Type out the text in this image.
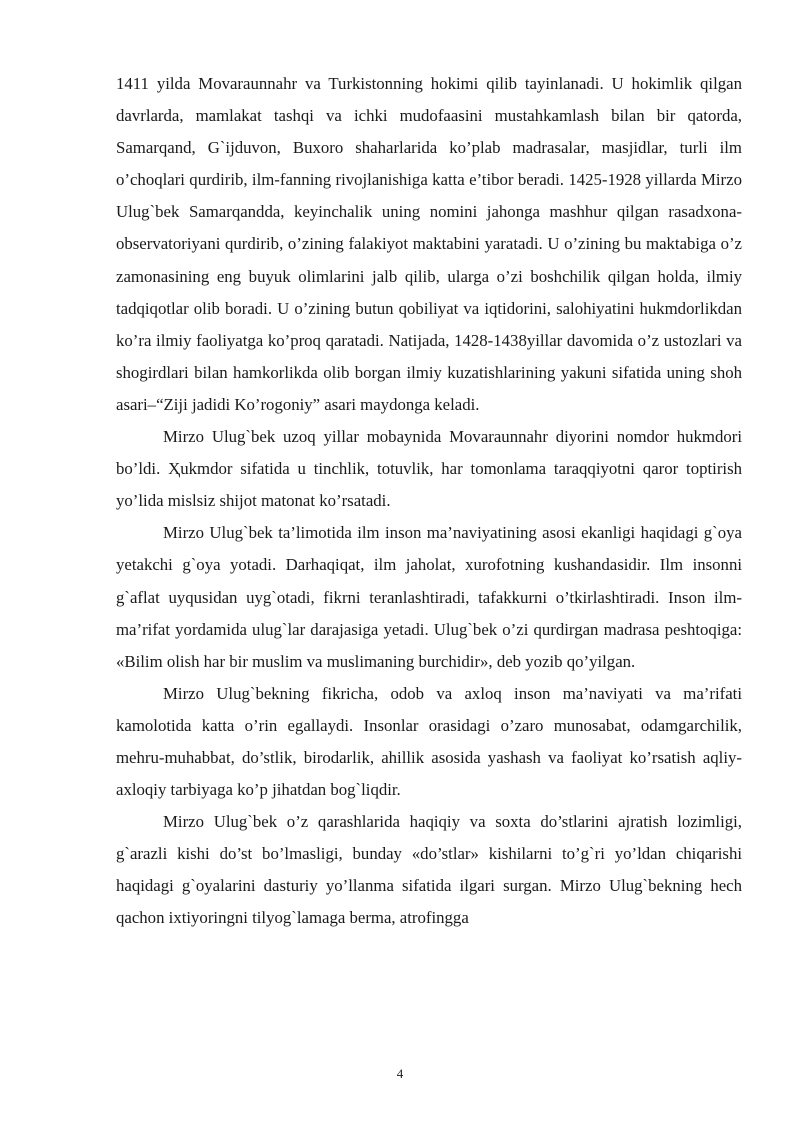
1411 yilda Movaraunnahr va Turkistonning hokimi qilib tayinlanadi. U hokimlik qilgan davrlarda, mamlakat tashqi va ichki mudofaasini mustahkamlash bilan bir qatorda, Samarqand, G`ijduvon, Buxoro shaharlarida ko’plab madrasalar, masjidlar, turli ilm o’choqlari qurdirib, ilm-fanning rivojlanishiga katta e’tibor beradi. 1425-1928 yillarda Mirzo Ulug`bek Samarqandda, keyinchalik uning nomini jahonga mashhur qilgan rasadxona-observatoriyani qurdirib, o’zining falakiyot maktabini yaratadi. U o’zining bu maktabiga o’z zamonasining eng buyuk olimlarini jalb qilib, ularga o’zi boshchilik qilgan holda, ilmiy tadqiqotlar olib boradi. U o’zining butun qobiliyat va iqtidorini, salohiyatini hukmdorlikdan ko’ra ilmiy faoliyatga ko’proq qaratadi. Natijada, 1428-1438yillar davomida o’z ustozlari va shogirdlari bilan hamkorlikda olib borgan ilmiy kuzatishlarining yakuni sifatida uning shoh asari–“Ziji jadidi Ko’rogoniy” asari maydonga keladi.

Mirzo Ulug`bek uzoq yillar mobaynida Movaraunnahr diyorini nomdor hukmdori bo’ldi. Ҳukmdor sifatida u tinchlik, totuvlik, har tomonlama taraqqiyotni qaror toptirish yo’lida mislsiz shijot matonat ko’rsatadi.

Mirzo Ulug`bek ta’limotida ilm inson ma’naviyatining asosi ekanligi haqidagi g`oya yetakchi g`oya yotadi. Darhaqiqat, ilm jaholat, xurofotning kushandasidir. Ilm insonni g`aflat uyqusidan uyg`otadi, fikrni teranlashtiradi, tafakkurni o’tkirlashtiradi. Inson ilm-ma’rifat yordamida ulug`lar darajasiga yetadi. Ulug`bek o’zi qurdirgan madrasa peshtoqiga: «Bilim olish har bir muslim va muslimaning burchidir», deb yozib qo’yilgan.

Mirzo Ulug`bekning fikricha, odob va axloq inson ma’naviyati va ma’rifati kamolotida katta o’rin egallaydi. Insonlar orasidagi o’zaro munosabat, odamgarchilik, mehru-muhabbat, do’stlik, birodarlik, ahillik asosida yashash va faoliyat ko’rsatish aqliy-axloqiy tarbiyaga ko’p jihatdan bog`liqdir.

Mirzo Ulug`bek o’z qarashlarida haqiqiy va soxta do’stlarini ajratish lozimligi, g`arazli kishi do’st bo’lmasligi, bunday «do’stlar» kishilarni to’g`ri yo’ldan chiqarishi haqidagi g`oyalarini dasturiy yo’llanma sifatida ilgari surgan. Mirzo Ulug`bekning hech qachon ixtiyoringni tilyog`lamaga berma, atrofingga

4
